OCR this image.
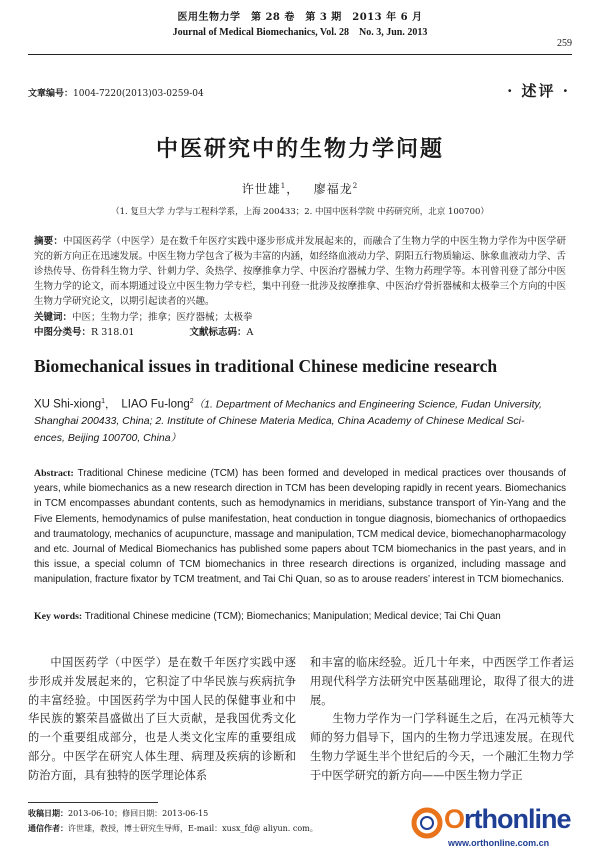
医用生物力学　第 28 卷　第 3 期　2013 年 6 月
Journal of Medical Biomechanics, Vol. 28　No. 3, Jun. 2013
259
文章编号：1004-7220(2013)03-0259-04	· 述评 ·
中医研究中的生物力学问题
许世雄$^1$，   廖福龙$^2$
（1. 复旦大学 力学与工程科学系，上海 200433；2. 中国中医科学院 中药研究所，北京 100700）

摘要：中国医药学（中医学）是在数千年医疗实践中逐步形成并发展起来的，而融合了生物力学的中医生物力学作为中医学研究的新方向正在迅速发展。中医生物力学包含了极为丰富的内涵，如经络血液动力学、阴阳五行物质输运、脉象血液动力学、舌诊热传导、伤骨科生物力学、针刺力学、灸热学、按摩推拿力学、中医治疗器械力学、生物力药理学等。本刊曾刊登了部分中医生物力学的论文，而本期通过设立中医生物力学专栏，集中刊登一批涉及按摩推拿、中医治疗骨折器械和太极拳三个方向的中医生物力学研究论文，以期引起读者的兴趣。

关键词：中医；生物力学；推拿；医疗器械；太极拳
中图分类号：R 318.01	文献标志码：A
Biomechanical issues in traditional Chinese medicine research
XU Shi-xiong$^1$，  LIAO Fu-long$^2$（1. Department of Mechanics and Engineering Science, Fudan University,
Shanghai 200433, China; 2. Institute of Chinese Materia Medica, China Academy of Chinese Medical Sci-
ences, Beijing 100700, China）

Abstract: Traditional Chinese medicine (TCM) has been formed and developed in medical practices over thousands of years, while biomechanics as a new research direction in TCM has been developing rapidly in recent years. Biomechanics in TCM encompasses abundant contents, such as hemodynamics in meridians, substance transport of Yin-Yang and the Five Elements, hemodynamics of pulse manifestation, heat conduction in tongue diagnosis, biomechanics of orthopaedics and traumatology, mechanics of acupuncture, massage and manipulation, TCM medical device, biomechanopharmacology and etc. Journal of Medical Biomechanics has published some papers about TCM biomechanics in the past years, and in this issue, a special column of TCM biomechanics in three research directions is organized, including massage and manipulation, fracture fixator by TCM treatment, and Tai Chi Quan, so as to arouse readers’ interest in TCM biomechanics.

Key words: Traditional Chinese medicine (TCM); Biomechanics; Manipulation; Medical device; Tai Chi Quan

中国医药学（中医学）是在数千年医疗实践中逐步形成并发展起来的，它积淀了中华民族与疾病抗争的丰富经验。中国医药学为中国人民的保健事业和中华民族的繁荣昌盛做出了巨大贡献，是我国优秀文化的一个重要组成部分，也是人类文化宝库的重要组成部分。中医学在研究人体生理、病理及疾病的诊断和防治方面，具有独特的医学理论体系

和丰富的临床经验。近几十年来，中西医学工作者运用现代科学方法研究中医基础理论，取得了很大的进展。

生物力学作为一门学科诞生之后，在冯元桢等大师的努力倡导下，国内的生物力学迅速发展。在现代生物力学诞生半个世纪后的今天，一个融汇生物力学于中医学研究的新方向——中医生物力学正

收稿日期：2013-06-10；修回日期：2013-06-15
通信作者：许世雄，教授，博士研究生导师，E-mail：xusx_fd@ aliyun. com。	Orthonline
www.orthonline.com.cn
